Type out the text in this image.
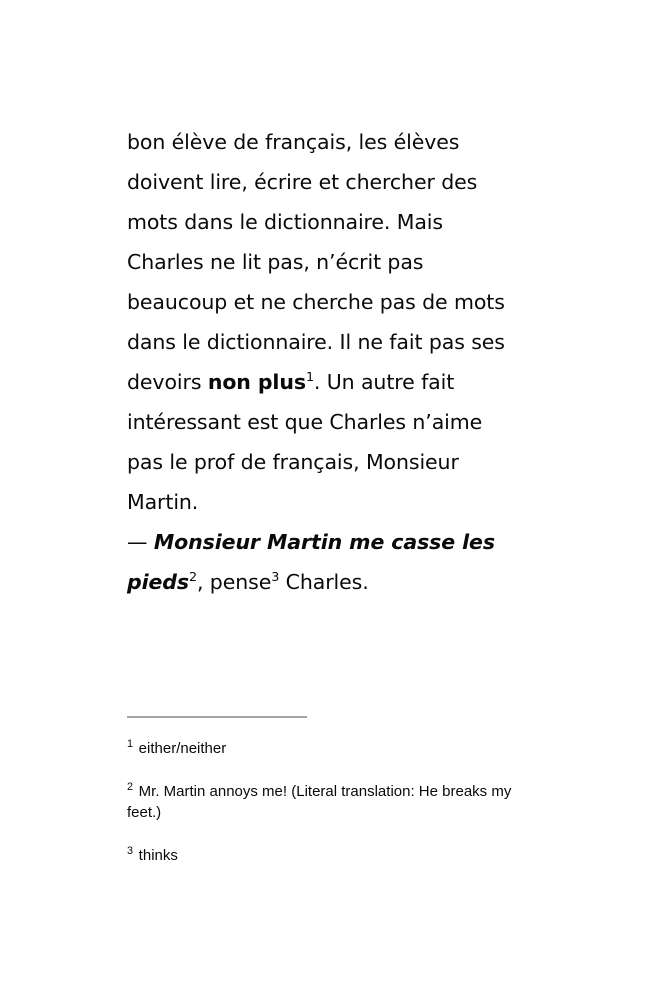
bon élève de français, les élèves doivent lire, écrire et chercher des mots dans le dictionnaire. Mais Charles ne lit pas, n’écrit pas beaucoup et ne cherche pas de mots dans le dictionnaire. Il ne fait pas ses devoirs non plus$^1$. Un autre fait intéressant est que Charles n’aime pas le prof de français, Monsieur Martin.

— Monsieur Martin me casse les pieds$^2$, pense$^3$ Charles.

$^1$ either/neither

$^2$ Mr. Martin annoys me! (Literal translation: He breaks my feet.)

$^3$ thinks
